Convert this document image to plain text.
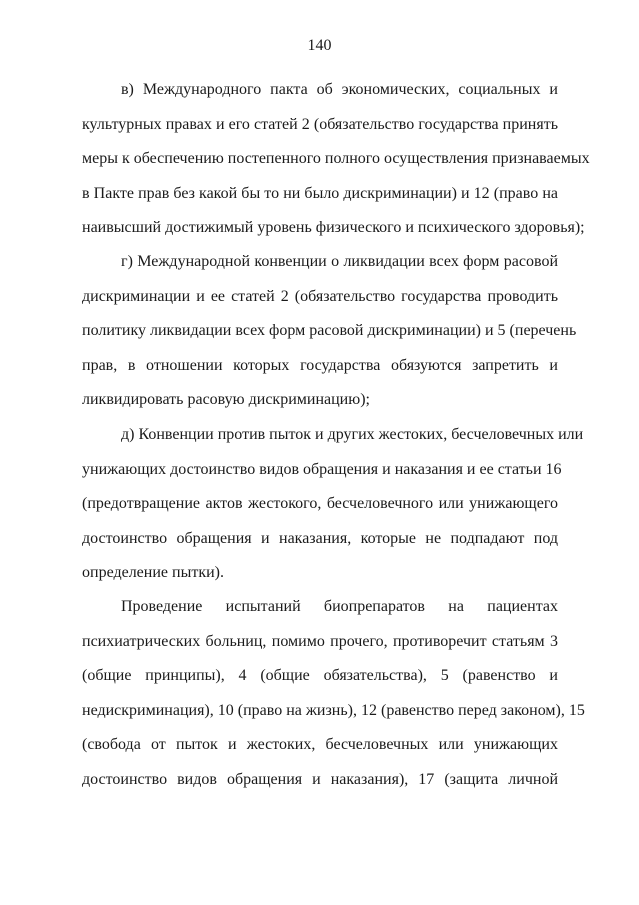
140
в) Международного пакта об экономических, социальных и
культурных правах и его статей 2 (обязательство государства принять
меры к обеспечению постепенного полного осуществления признаваемых
в Пакте прав без какой бы то ни было дискриминации) и 12 (право на
наивысший достижимый уровень физического и психического здоровья);
г) Международной конвенции о ликвидации всех форм расовой
дискриминации и ее статей 2 (обязательство государства проводить
политику ликвидации всех форм расовой дискриминации) и 5 (перечень
прав, в отношении которых государства обязуются запретить и
ликвидировать расовую дискриминацию);
д) Конвенции против пыток и других жестоких, бесчеловечных или
унижающих достоинство видов обращения и наказания и ее статьи 16
(предотвращение актов жестокого, бесчеловечного или унижающего
достоинство обращения и наказания, которые не подпадают под
определение пытки).
Проведение испытаний биопрепаратов на пациентах
психиатрических больниц, помимо прочего, противоречит статьям 3
(общие принципы), 4 (общие обязательства), 5 (равенство и
недискриминация), 10 (право на жизнь), 12 (равенство перед законом), 15
(свобода от пыток и жестоких, бесчеловечных или унижающих
достоинство видов обращения и наказания), 17 (защита личной
